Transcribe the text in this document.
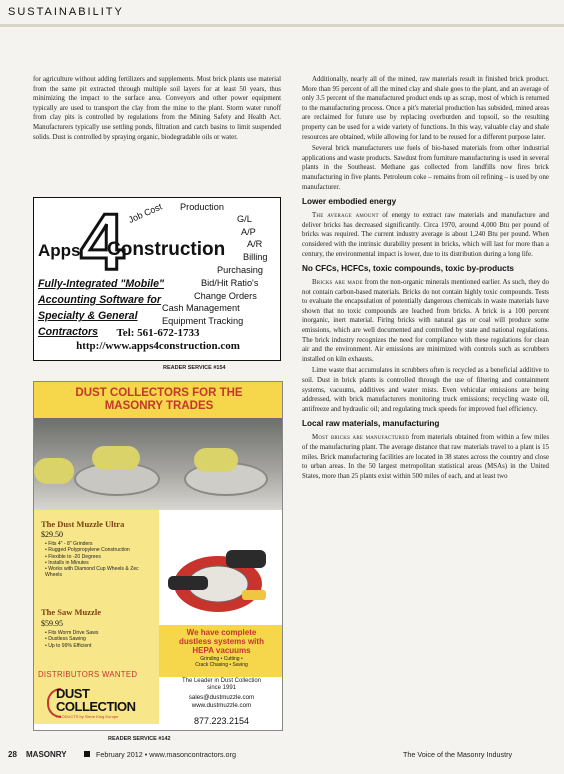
SUSTAINABILITY

for agriculture without adding fertilizers and supplements. Most brick plants use material from the same pit extracted through multiple soil layers for at least 50 years, thus minimizing the impact to the surface area. Conveyors and other power equipment typically are used to transport the clay from the mine to the plant. Storm water runoff from clay pits is controlled by regulations from the Mining Safety and Health Act. Manufacturers typically use settling ponds, filtration and catch basins to limit suspended solids. Dust is controlled by spraying organic, biodegradable oils or water.

4
Apps Construction
Job Cost Production
G/L
A/P
A/R
Billing
Purchasing
Bid/Hit Ratio's
Change Orders
Cash Management
Equipment Tracking
Fully-Integrated "Mobile"
Accounting Software for
Specialty & General
Contractors	Tel: 561-672-1733
http://www.apps4construction.com
READER SERVICE #154
DUST COLLECTORS FOR THE
MASONRY TRADES
The Dust Muzzle Ultra
$29.50
• Fits 4" - 8" Grinders
• Rugged Polypropylene Construction
• Flexible to -20 Degrees
• Installs in Minutes
• Works with Diamond Cup Wheels & Zec Wheels
The Saw Muzzle
$59.95
• Fits Worm Drive Saws
• Dustless Sawing
• Up to 99% Efficient
We have complete
dustless systems with
HEPA vacuums
Grinding • Cutting •
Crack Chasing • Saving
The Leader in Dust Collection
since 1991
DISTRIBUTORS WANTED
DUST
COLLECTION
PRODUCTS by Steve King Europe
sales@dustmuzzle.com
www.dustmuzzle.com
877.223.2154
READER SERVICE #142

Additionally, nearly all of the mined, raw materials result in finished brick product. More than 95 percent of all the mined clay and shale goes to the plant, and an average of only 3.5 percent of the manufactured product ends up as scrap, most of which is returned to the manufacturing process. Once a pit's material production has subsided, mined areas are reclaimed for future use by replacing overburden and topsoil, so the resulting property can be used for a wide variety of functions. In this way, valuable clay and shale resources are obtained, while allowing for land to be reused for a different purpose later.

Several brick manufacturers use fuels of bio-based materials from other industrial applications and waste products. Sawdust from furniture manufacturing is used in several plants in the Southeast. Methane gas collected from landfills now fires brick manufacturing in five plants. Petroleum coke – remains from oil refining – is used by one manufacturer.

Lower embodied energy

The average amount of energy to extract raw materials and manufacture and deliver bricks has decreased significantly. Circa 1970, around 4,000 Btu per pound of bricks was required. The current industry average is about 1,240 Btu per pound. When considered with the intrinsic durability present in bricks, which will last for more than a century, the environmental impact is lower, due to its distribution during a long life.

No CFCs, HCFCs, toxic compounds, toxic by-products

Bricks are made from the non-organic minerals mentioned earlier. As such, they do not contain carbon-based materials. Bricks do not contain highly toxic compounds. Tests to evaluate the encapsulation of potentially dangerous chemicals in waste materials have shown that no toxic compounds are leached from bricks. A brick is a 100 percent inorganic, inert material. Firing bricks with natural gas or coal will produce some emissions, which are well documented and controlled by state and national regulations. The brick industry recognizes the need for compliance with these regulations for clean air and the environment. Air emissions are minimized with controls such as scrubbers installed on kiln exhausts.

Lime waste that accumulates in scrubbers often is recycled as a beneficial additive to soil. Dust in brick plants is controlled through the use of filtering and containment systems, vacuums, additives and water mists. Even vehicular emissions are being addressed, with brick manufacturers monitoring truck emissions; recycling waste oil, antifreeze and hydraulic oil; and regulating truck speeds for improved fuel efficiency.

Local raw materials, manufacturing

Most bricks are manufactured from materials obtained from within a few miles of the manufacturing plant. The average distance that raw materials travel to a plant is 15 miles. Brick manufacturing facilities are located in 38 states across the country and close to urban areas. In the 50 largest metropolitan statistical areas (MSAs) in the United States, more than 25 plants exist within 500 miles of each, and at least two

28 MASONRY	February 2012 • www.masoncontractors.org	The Voice of the Masonry Industry
